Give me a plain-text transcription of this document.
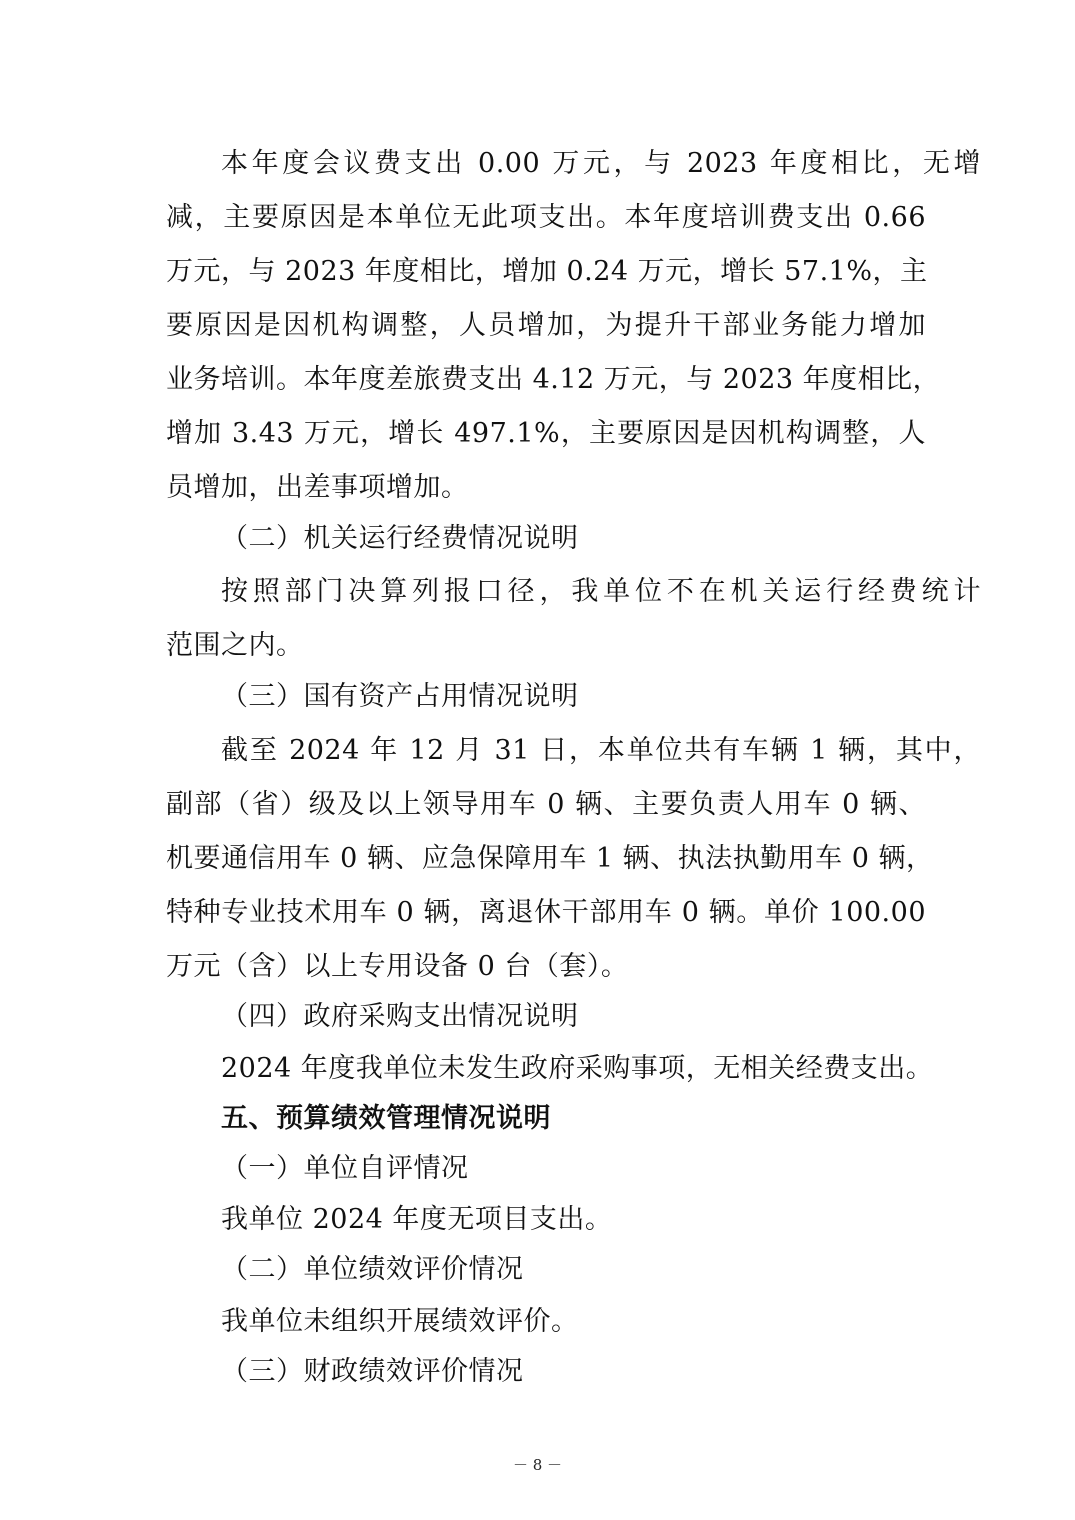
本年度会议费支出 0.00 万元，与 2023 年度相比，无增
减，主要原因是本单位无此项支出。本年度培训费支出 0.66
万元，与 2023 年度相比，增加 0.24 万元，增长 57.1%，主
要原因是因机构调整，人员增加，为提升干部业务能力增加
业务培训。本年度差旅费支出 4.12 万元，与 2023 年度相比，
增加 3.43 万元，增长 497.1%，主要原因是因机构调整，人
员增加，出差事项增加。
（二）机关运行经费情况说明
按照部门决算列报口径，我单位不在机关运行经费统计
范围之内。
（三）国有资产占用情况说明
截至 2024 年 12 月 31 日，本单位共有车辆 1 辆，其中，
副部（省）级及以上领导用车 0 辆、主要负责人用车 0 辆、
机要通信用车 0 辆、应急保障用车 1 辆、执法执勤用车 0 辆，
特种专业技术用车 0 辆，离退休干部用车 0 辆。单价 100.00
万元（含）以上专用设备 0 台（套）。
（四）政府采购支出情况说明
2024 年度我单位未发生政府采购事项，无相关经费支出。
五、预算绩效管理情况说明
（一）单位自评情况
我单位 2024 年度无项目支出。
（二）单位绩效评价情况
我单位未组织开展绩效评价。
（三）财政绩效评价情况
－ 8 －
